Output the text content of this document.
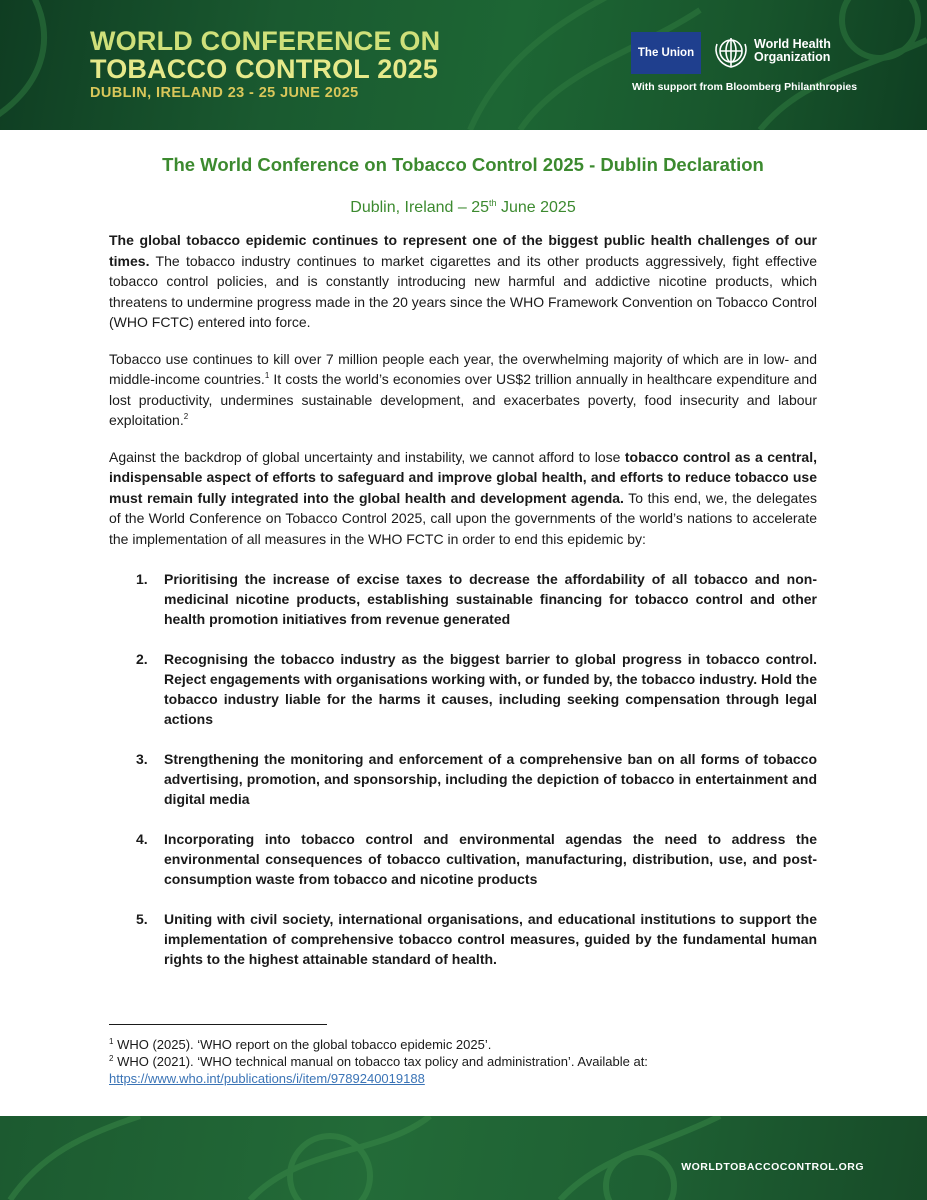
WORLD CONFERENCE ON
TOBACCO CONTROL 2025
DUBLIN, IRELAND 23 - 25 JUNE 2025
The Union
World Health
Organization
With support from Bloomberg Philanthropies
The World Conference on Tobacco Control 2025 - Dublin Declaration
Dublin, Ireland – 25th June 2025

The global tobacco epidemic continues to represent one of the biggest public health challenges of our times. The tobacco industry continues to market cigarettes and its other products aggressively, fight effective tobacco control policies, and is constantly introducing new harmful and addictive nicotine products, which threatens to undermine progress made in the 20 years since the WHO Framework Convention on Tobacco Control (WHO FCTC) entered into force.

Tobacco use continues to kill over 7 million people each year, the overwhelming majority of which are in low- and middle-income countries.$^1$ It costs the world’s economies over US$2 trillion annually in healthcare expenditure and lost productivity, undermines sustainable development, and exacerbates poverty, food insecurity and labour exploitation.$^2$

Against the backdrop of global uncertainty and instability, we cannot afford to lose tobacco control as a central, indispensable aspect of efforts to safeguard and improve global health, and efforts to reduce tobacco use must remain fully integrated into the global health and development agenda. To this end, we, the delegates of the World Conference on Tobacco Control 2025, call upon the governments of the world’s nations to accelerate the implementation of all measures in the WHO FCTC in order to end this epidemic by:

1.	Prioritising the increase of excise taxes to decrease the affordability of all tobacco and non-medicinal nicotine products, establishing sustainable financing for tobacco control and other health promotion initiatives from revenue generated
2.	Recognising the tobacco industry as the biggest barrier to global progress in tobacco control. Reject engagements with organisations working with, or funded by, the tobacco industry. Hold the tobacco industry liable for the harms it causes, including seeking compensation through legal actions
3.	Strengthening the monitoring and enforcement of a comprehensive ban on all forms of tobacco advertising, promotion, and sponsorship, including the depiction of tobacco in entertainment and digital media
4.	Incorporating into tobacco control and environmental agendas the need to address the environmental consequences of tobacco cultivation, manufacturing, distribution, use, and post-consumption waste from tobacco and nicotine products
5.	Uniting with civil society, international organisations, and educational institutions to support the implementation of comprehensive tobacco control measures, guided by the fundamental human rights to the highest attainable standard of health.
$^1$ WHO (2025). ‘WHO report on the global tobacco epidemic 2025’.
$^2$ WHO (2021). ‘WHO technical manual on tobacco tax policy and administration’. Available at:
https://www.who.int/publications/i/item/9789240019188
WORLDTOBACCOCONTROL.ORG
